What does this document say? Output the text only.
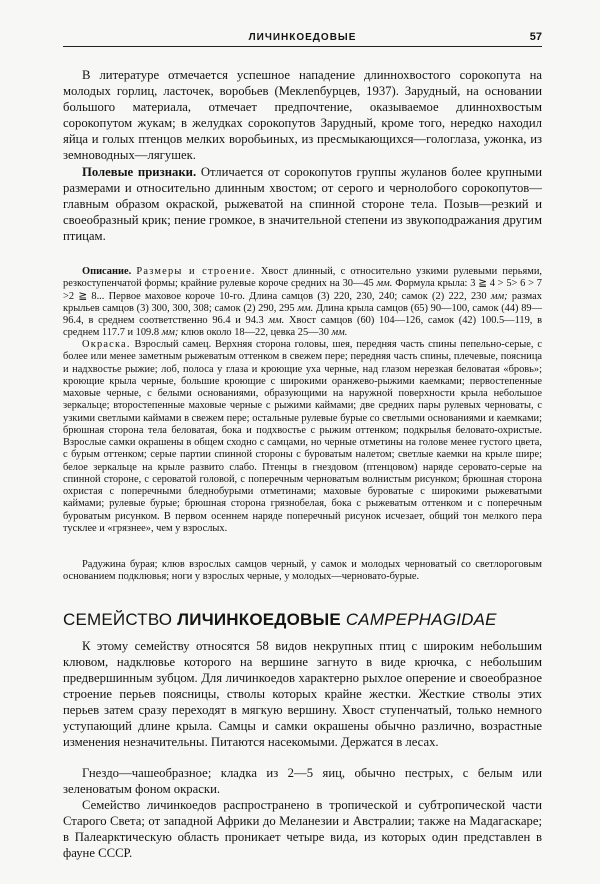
ЛИЧИНКОЕДОВЫЕ	57

В литературе отмечается успешное нападение длиннохвостого сорокопута на молодых горлиц, ласточек, воробьев (Меклenбурцев, 1937). Зарудный, на основании большого материала, отмечает предпочтение, оказываемое длиннохвостым сорокопутом жукам; в желудках сорокопутов Зарудный, кроме того, нередко находил яйца и голых птенцов мелких воробьиных, из пресмыкающихся—гологлаза, ужонка, из земноводных—лягушек.

Полевые признаки. Отличается от сорокопутов группы жуланов более крупными размерами и относительно длинным хвостом; от серого и чернолобого сорокопутов—главным образом окраской, рыжеватой на спинной стороне тела. Позыв—резкий и своеобразный крик; пение громкое, в значительной степени из звукоподражания другим птицам.

Описание. Размеры и строение. Хвост длинный, с относительно узкими рулевыми перьями, резкоступенчатой формы; крайние рулевые короче средних на 30—45 мм. Формула крыла: 3 ≧ 4 > 5> 6 > 7 >2 ≧ 8... Первое маховое короче 10-го. Длина самцов (3) 220, 230, 240; самок (2) 222, 230 мм; размах крыльев самцов (3) 300, 300, 308; самок (2) 290, 295 мм. Длина крыла самцов (65) 90—100, самок (44) 89—96.4, в среднем соответственно 96.4 и 94.3 мм. Хвост самцов (60) 104—126, самок (42) 100.5—119, в среднем 117.7 и 109.8 мм; клюв около 18—22, цевка 25—30 мм.

Окраска. Взрослый самец. Верхняя сторона головы, шея, передняя часть спины пепельно-серые, с более или менее заметным рыжеватым оттенком в свежем пере; передняя часть спины, плечевые, поясница и надхвостье рыжие; лоб, полоса у глаза и кроющие уха черные, над глазом нерезкая беловатая «бровь»; кроющие крыла черные, большие кроющие с широкими оранжево-рыжими каемками; первостепенные маховые черные, с белыми основаниями, образующими на наружной поверхности крыла небольшое зеркальце; второстепенные маховые черные с рыжими каймами; две средних пары рулевых черноваты, с узкими светлыми каймами в свежем пере; остальные рулевые бурые со светлыми основаниями и каемками; брюшная сторона тела беловатая, бока и подхвостье с рыжим оттенком; подкрылья беловато-охристые. Взрослые самки окрашены в общем сходно с самцами, но черные отметины на голове менее густого цвета, с бурым оттенком; серые партии спинной стороны с буроватым налетом; светлые каемки на крыле шире; белое зеркальце на крыле развито слабо. Птенцы в гнездовом (птенцовом) наряде сероватo-серые на спинной стороне, с сероватой головой, с поперечным черноватым волнистым рисунком; брюшная сторона охристая с поперечными бледнобурыми отметинами; маховые буроватые с широкими рыжеватыми каймами; рулевые бурые; брюшная сторона грязнобелая, бока с рыжеватым оттенком и с поперечным буроватым рисунком. В первом осеннем наряде поперечный рисунок исчезает, общий тон мелкого пера тусклее и «грязнее», чем у взрослых.

Радужина бурая; клюв взрослых самцов черный, у самок и молодых черноватый со светлороговым основанием подклювья; ноги у взрослых черные, у молодых—черновато-бурые.

СЕМЕЙСТВО ЛИЧИНКОЕДОВЫЕ CAMPEPHAGIDAE

К этому семейству относятся 58 видов некрупных птиц с широким небольшим клювом, надклювье которого на вершине загнуто в виде крючка, с небольшим предвершинным зубцом. Для личинкоедов характерно рыхлое оперение и своеобразное строение перьев поясницы, стволы которых крайне жестки. Жесткие стволы этих перьев затем сразу переходят в мягкую вершину. Хвост ступенчатый, только немного уступающий длине крыла. Самцы и самки окрашены обычно различно, возрастные изменения незначительны. Питаются насекомыми. Держатся в лесах.

Гнездо—чашеобразное; кладка из 2—5 яиц, обычно пестрых, с белым или зеленоватым фоном окраски.

Семейство личинкоедов распространено в тропической и субтропической части Старого Света; от западной Африки до Меланезии и Австралии; также на Мадагаскаре; в Палеарктическую область проникает четыре вида, из которых один представлен в фауне СССР.
